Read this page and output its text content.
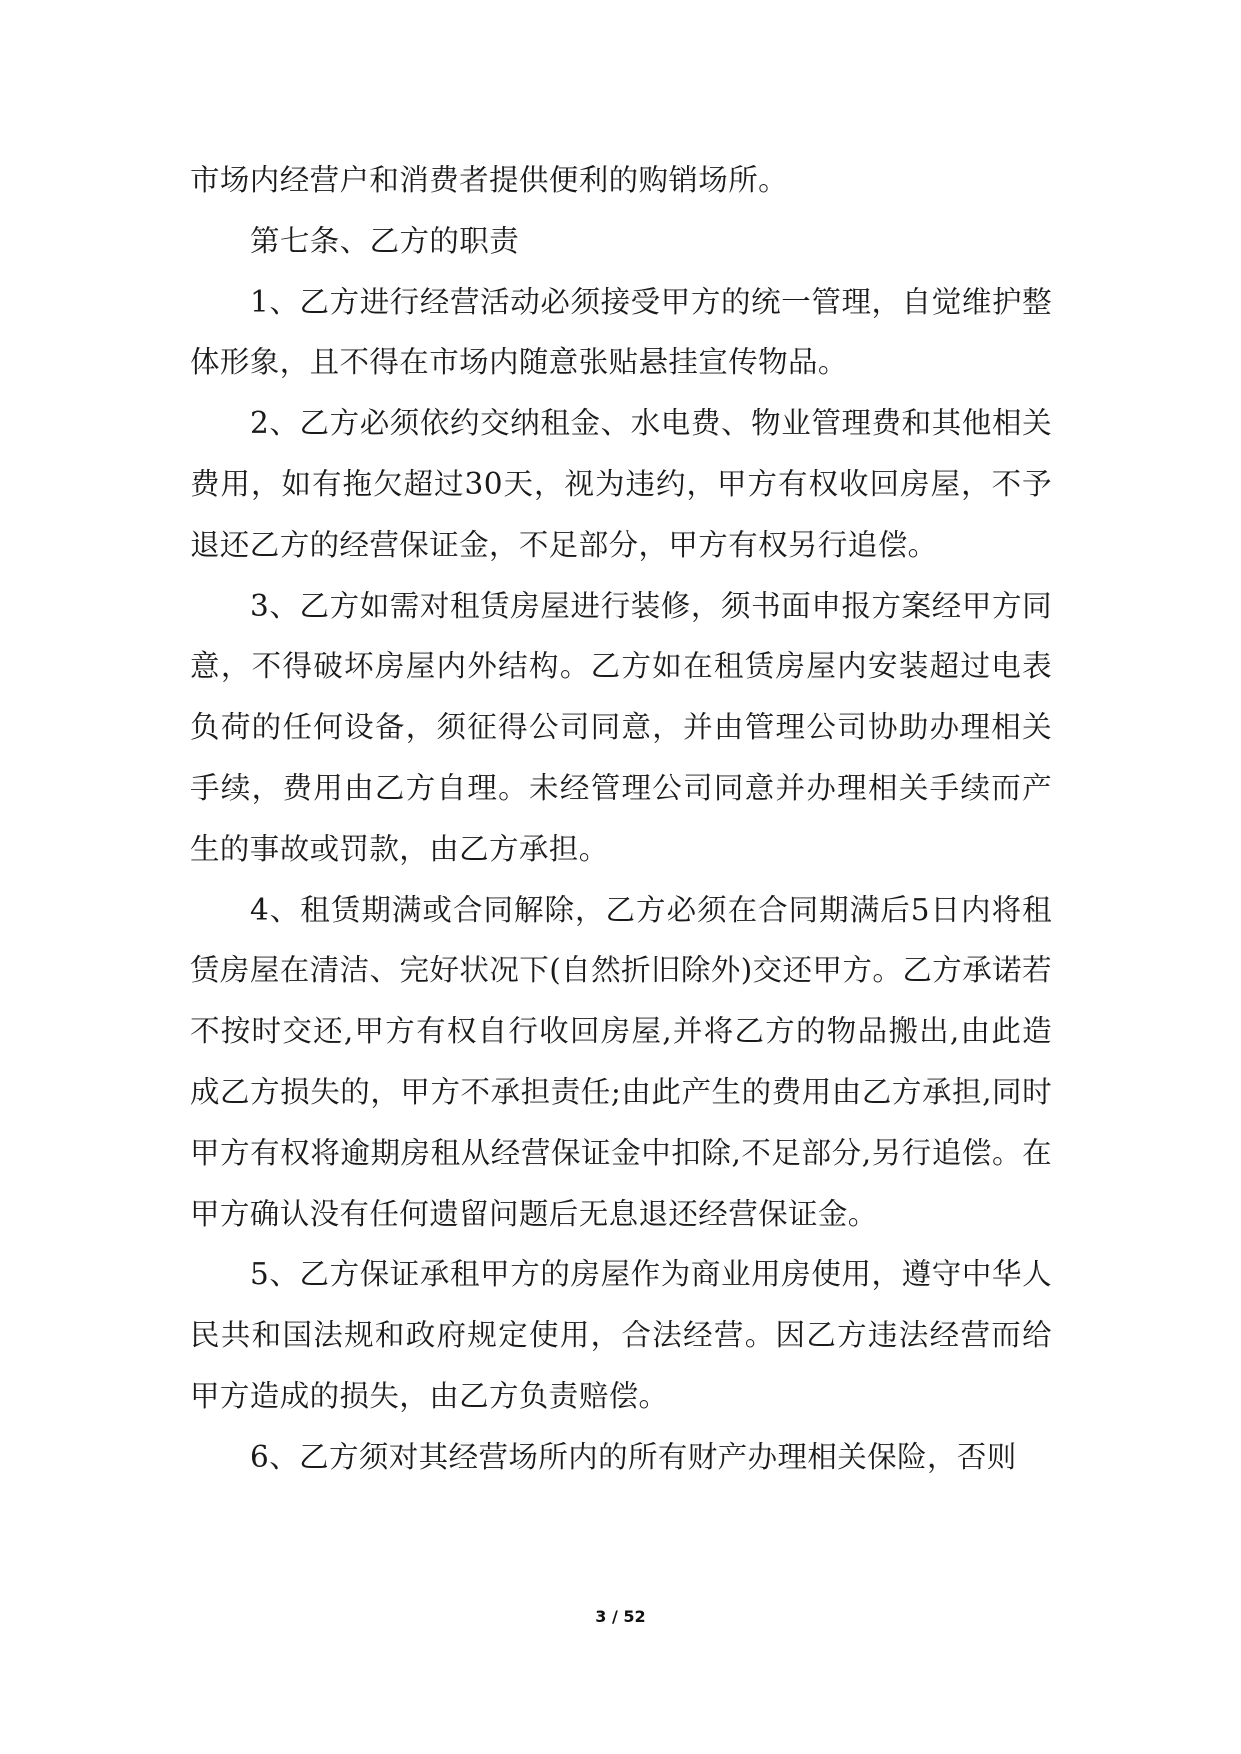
市场内经营户和消费者提供便利的购销场所。

第七条、乙方的职责

1、乙方进行经营活动必须接受甲方的统一管理，自觉维护整体形象，且不得在市场内随意张贴悬挂宣传物品。

2、乙方必须依约交纳租金、水电费、物业管理费和其他相关费用，如有拖欠超过30天，视为违约，甲方有权收回房屋，不予退还乙方的经营保证金，不足部分，甲方有权另行追偿。

3、乙方如需对租赁房屋进行装修，须书面申报方案经甲方同意，不得破坏房屋内外结构。乙方如在租赁房屋内安装超过电表负荷的任何设备，须征得公司同意，并由管理公司协助办理相关手续，费用由乙方自理。未经管理公司同意并办理相关手续而产生的事故或罚款，由乙方承担。

4、租赁期满或合同解除，乙方必须在合同期满后5日内将租赁房屋在清洁、完好状况下(自然折旧除外)交还甲方。乙方承诺若不按时交还,甲方有权自行收回房屋,并将乙方的物品搬出,由此造成乙方损失的，甲方不承担责任;由此产生的费用由乙方承担,同时甲方有权将逾期房租从经营保证金中扣除,不足部分,另行追偿。在甲方确认没有任何遗留问题后无息退还经营保证金。

5、乙方保证承租甲方的房屋作为商业用房使用，遵守中华人民共和国法规和政府规定使用，合法经营。因乙方违法经营而给甲方造成的损失，由乙方负责赔偿。

6、乙方须对其经营场所内的所有财产办理相关保险，否则

3 / 52
